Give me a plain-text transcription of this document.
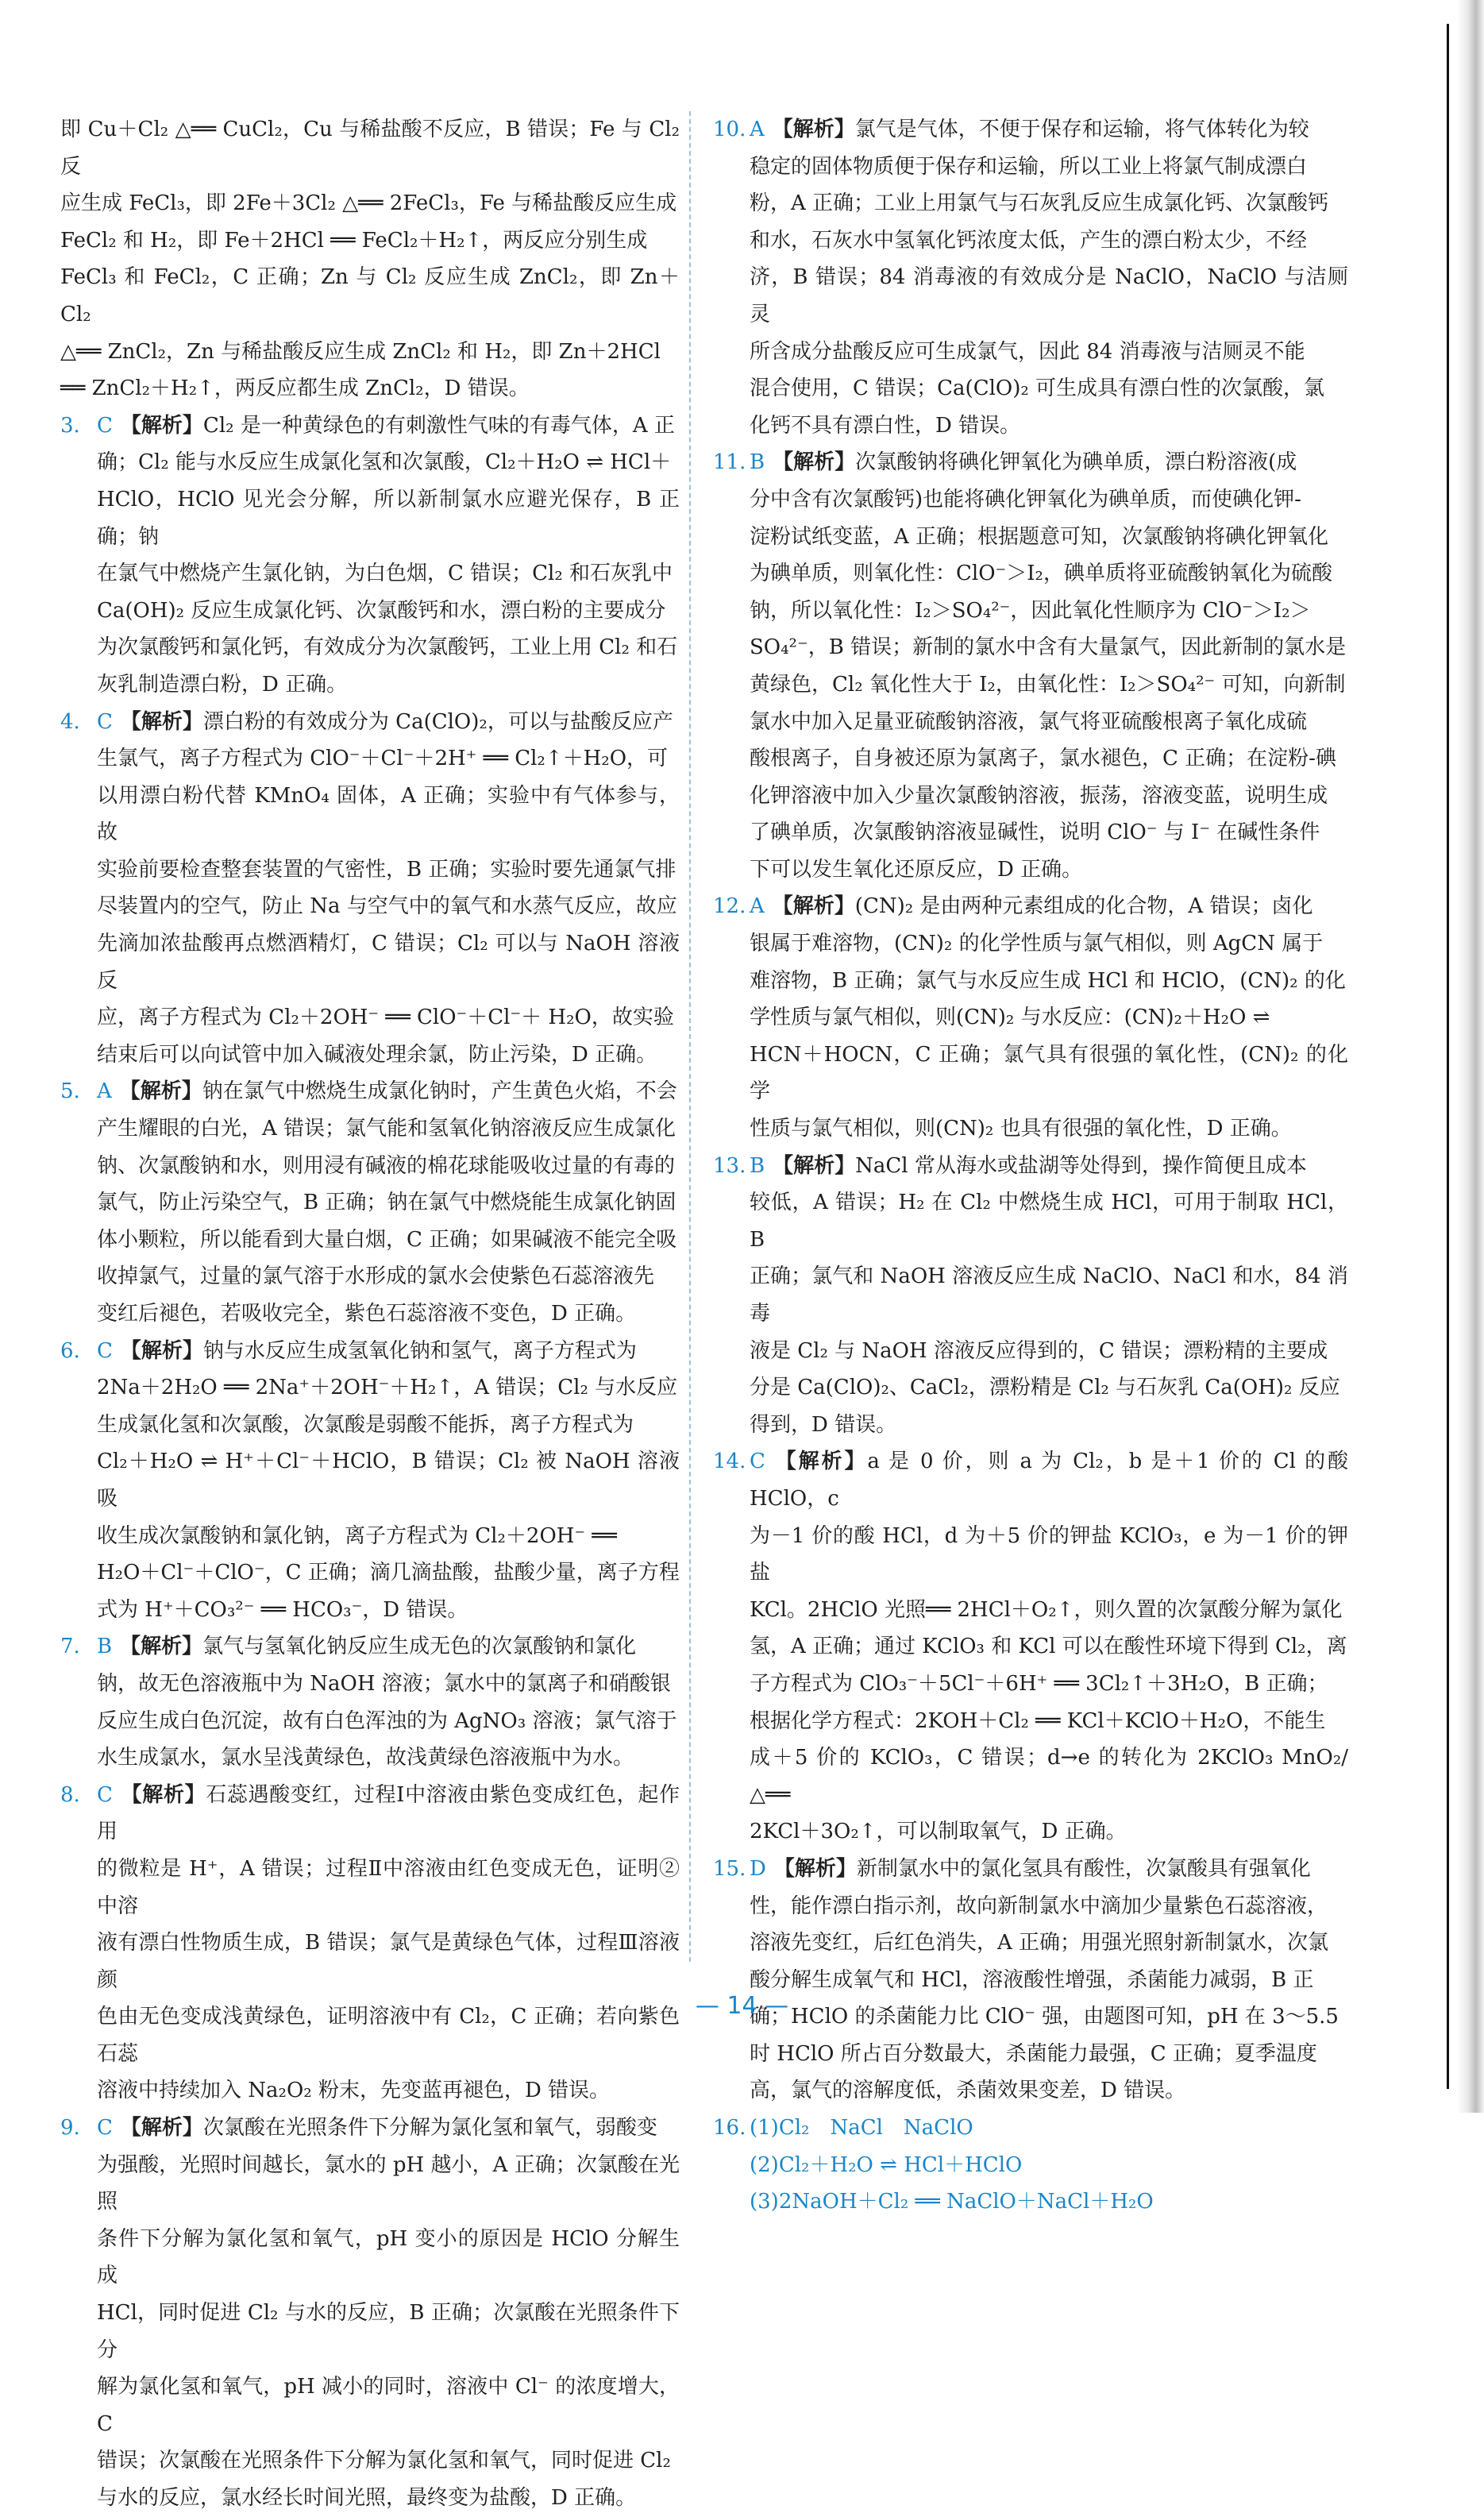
即 Cu＋Cl₂ △══ CuCl₂，Cu 与稀盐酸不反应，B 错误；Fe 与 Cl₂ 反

应生成 FeCl₃，即 2Fe＋3Cl₂ △══ 2FeCl₃，Fe 与稀盐酸反应生成

FeCl₂ 和 H₂，即 Fe＋2HCl ══ FeCl₂＋H₂↑，两反应分别生成

FeCl₃ 和 FeCl₂，C 正确；Zn 与 Cl₂ 反应生成 ZnCl₂，即 Zn＋Cl₂

△══ ZnCl₂，Zn 与稀盐酸反应生成 ZnCl₂ 和 H₂，即 Zn＋2HCl

══ ZnCl₂＋H₂↑，两反应都生成 ZnCl₂，D 错误。

3. C 【解析】Cl₂ 是一种黄绿色的有刺激性气味的有毒气体，A 正

确；Cl₂ 能与水反应生成氯化氢和次氯酸，Cl₂＋H₂O ⇌ HCl＋

HClO，HClO 见光会分解，所以新制氯水应避光保存，B 正确；钠

在氯气中燃烧产生氯化钠，为白色烟，C 错误；Cl₂ 和石灰乳中

Ca(OH)₂ 反应生成氯化钙、次氯酸钙和水，漂白粉的主要成分

为次氯酸钙和氯化钙，有效成分为次氯酸钙，工业上用 Cl₂ 和石

灰乳制造漂白粉，D 正确。

4. C 【解析】漂白粉的有效成分为 Ca(ClO)₂，可以与盐酸反应产

生氯气，离子方程式为 ClO⁻＋Cl⁻＋2H⁺ ══ Cl₂↑＋H₂O，可

以用漂白粉代替 KMnO₄ 固体，A 正确；实验中有气体参与，故

实验前要检查整套装置的气密性，B 正确；实验时要先通氯气排

尽装置内的空气，防止 Na 与空气中的氧气和水蒸气反应，故应

先滴加浓盐酸再点燃酒精灯，C 错误；Cl₂ 可以与 NaOH 溶液反

应，离子方程式为 Cl₂＋2OH⁻ ══ ClO⁻＋Cl⁻＋ H₂O，故实验

结束后可以向试管中加入碱液处理余氯，防止污染，D 正确。

5. A 【解析】钠在氯气中燃烧生成氯化钠时，产生黄色火焰，不会

产生耀眼的白光，A 错误；氯气能和氢氧化钠溶液反应生成氯化

钠、次氯酸钠和水，则用浸有碱液的棉花球能吸收过量的有毒的

氯气，防止污染空气，B 正确；钠在氯气中燃烧能生成氯化钠固

体小颗粒，所以能看到大量白烟，C 正确；如果碱液不能完全吸

收掉氯气，过量的氯气溶于水形成的氯水会使紫色石蕊溶液先

变红后褪色，若吸收完全，紫色石蕊溶液不变色，D 正确。

6. C 【解析】钠与水反应生成氢氧化钠和氢气，离子方程式为

2Na＋2H₂O ══ 2Na⁺＋2OH⁻＋H₂↑，A 错误；Cl₂ 与水反应

生成氯化氢和次氯酸，次氯酸是弱酸不能拆，离子方程式为

Cl₂＋H₂O ⇌ H⁺＋Cl⁻＋HClO，B 错误；Cl₂ 被 NaOH 溶液吸

收生成次氯酸钠和氯化钠，离子方程式为 Cl₂＋2OH⁻ ══

H₂O＋Cl⁻＋ClO⁻，C 正确；滴几滴盐酸，盐酸少量，离子方程

式为 H⁺＋CO₃²⁻ ══ HCO₃⁻，D 错误。

7. B 【解析】氯气与氢氧化钠反应生成无色的次氯酸钠和氯化

钠，故无色溶液瓶中为 NaOH 溶液；氯水中的氯离子和硝酸银

反应生成白色沉淀，故有白色浑浊的为 AgNO₃ 溶液；氯气溶于

水生成氯水，氯水呈浅黄绿色，故浅黄绿色溶液瓶中为水。

8. C 【解析】石蕊遇酸变红，过程Ⅰ中溶液由紫色变成红色，起作用

的微粒是 H⁺，A 错误；过程Ⅱ中溶液由红色变成无色，证明②中溶

液有漂白性物质生成，B 错误；氯气是黄绿色气体，过程Ⅲ溶液颜

色由无色变成浅黄绿色，证明溶液中有 Cl₂，C 正确；若向紫色石蕊

溶液中持续加入 Na₂O₂ 粉末，先变蓝再褪色，D 错误。

9. C 【解析】次氯酸在光照条件下分解为氯化氢和氧气，弱酸变

为强酸，光照时间越长，氯水的 pH 越小，A 正确；次氯酸在光照

条件下分解为氯化氢和氧气，pH 变小的原因是 HClO 分解生成

HCl，同时促进 Cl₂ 与水的反应，B 正确；次氯酸在光照条件下分

解为氯化氢和氧气，pH 减小的同时，溶液中 Cl⁻ 的浓度增大，C

错误；次氯酸在光照条件下分解为氯化氢和氧气，同时促进 Cl₂

与水的反应，氯水经长时间光照，最终变为盐酸，D 正确。

10. A 【解析】氯气是气体，不便于保存和运输，将气体转化为较

稳定的固体物质便于保存和运输，所以工业上将氯气制成漂白

粉，A 正确；工业上用氯气与石灰乳反应生成氯化钙、次氯酸钙

和水，石灰水中氢氧化钙浓度太低，产生的漂白粉太少，不经

济，B 错误；84 消毒液的有效成分是 NaClO，NaClO 与洁厕灵

所含成分盐酸反应可生成氯气，因此 84 消毒液与洁厕灵不能

混合使用，C 错误；Ca(ClO)₂ 可生成具有漂白性的次氯酸，氯

化钙不具有漂白性，D 错误。

11. B 【解析】次氯酸钠将碘化钾氧化为碘单质，漂白粉溶液(成

分中含有次氯酸钙)也能将碘化钾氧化为碘单质，而使碘化钾-

淀粉试纸变蓝，A 正确；根据题意可知，次氯酸钠将碘化钾氧化

为碘单质，则氧化性：ClO⁻＞I₂，碘单质将亚硫酸钠氧化为硫酸

钠，所以氧化性：I₂＞SO₄²⁻，因此氧化性顺序为 ClO⁻＞I₂＞

SO₄²⁻，B 错误；新制的氯水中含有大量氯气，因此新制的氯水是

黄绿色，Cl₂ 氧化性大于 I₂，由氧化性：I₂＞SO₄²⁻ 可知，向新制

氯水中加入足量亚硫酸钠溶液，氯气将亚硫酸根离子氧化成硫

酸根离子，自身被还原为氯离子，氯水褪色，C 正确；在淀粉-碘

化钾溶液中加入少量次氯酸钠溶液，振荡，溶液变蓝，说明生成

了碘单质，次氯酸钠溶液显碱性，说明 ClO⁻ 与 I⁻ 在碱性条件

下可以发生氧化还原反应，D 正确。

12. A 【解析】(CN)₂ 是由两种元素组成的化合物，A 错误；卤化

银属于难溶物，(CN)₂ 的化学性质与氯气相似，则 AgCN 属于

难溶物，B 正确；氯气与水反应生成 HCl 和 HClO，(CN)₂ 的化

学性质与氯气相似，则(CN)₂ 与水反应：(CN)₂＋H₂O ⇌

HCN＋HOCN，C 正确；氯气具有很强的氧化性，(CN)₂ 的化学

性质与氯气相似，则(CN)₂ 也具有很强的氧化性，D 正确。

13. B 【解析】NaCl 常从海水或盐湖等处得到，操作简便且成本

较低，A 错误；H₂ 在 Cl₂ 中燃烧生成 HCl，可用于制取 HCl，B

正确；氯气和 NaOH 溶液反应生成 NaClO、NaCl 和水，84 消毒

液是 Cl₂ 与 NaOH 溶液反应得到的，C 错误；漂粉精的主要成

分是 Ca(ClO)₂、CaCl₂，漂粉精是 Cl₂ 与石灰乳 Ca(OH)₂ 反应

得到，D 错误。

14. C 【解析】a 是 0 价，则 a 为 Cl₂，b 是＋1 价的 Cl 的酸 HClO，c

为－1 价的酸 HCl，d 为＋5 价的钾盐 KClO₃，e 为－1 价的钾盐

KCl。2HClO 光照══ 2HCl＋O₂↑，则久置的次氯酸分解为氯化

氢，A 正确；通过 KClO₃ 和 KCl 可以在酸性环境下得到 Cl₂，离

子方程式为 ClO₃⁻＋5Cl⁻＋6H⁺ ══ 3Cl₂↑＋3H₂O，B 正确；

根据化学方程式：2KOH＋Cl₂ ══ KCl＋KClO＋H₂O，不能生

成＋5 价的 KClO₃，C 错误；d→e 的转化为 2KClO₃ MnO₂/△══

2KCl＋3O₂↑，可以制取氧气，D 正确。

15. D 【解析】新制氯水中的氯化氢具有酸性，次氯酸具有强氧化

性，能作漂白指示剂，故向新制氯水中滴加少量紫色石蕊溶液，

溶液先变红，后红色消失，A 正确；用强光照射新制氯水，次氯

酸分解生成氧气和 HCl，溶液酸性增强，杀菌能力减弱，B 正

确；HClO 的杀菌能力比 ClO⁻ 强，由题图可知，pH 在 3～5.5

时 HClO 所占百分数最大，杀菌能力最强，C 正确；夏季温度

高，氯气的溶解度低，杀菌效果变差，D 错误。

16. (1)Cl₂　NaCl　NaClO

(2)Cl₂＋H₂O ⇌ HCl＋HClO

(3)2NaOH＋Cl₂ ══ NaClO＋NaCl＋H₂O

— 14 —
